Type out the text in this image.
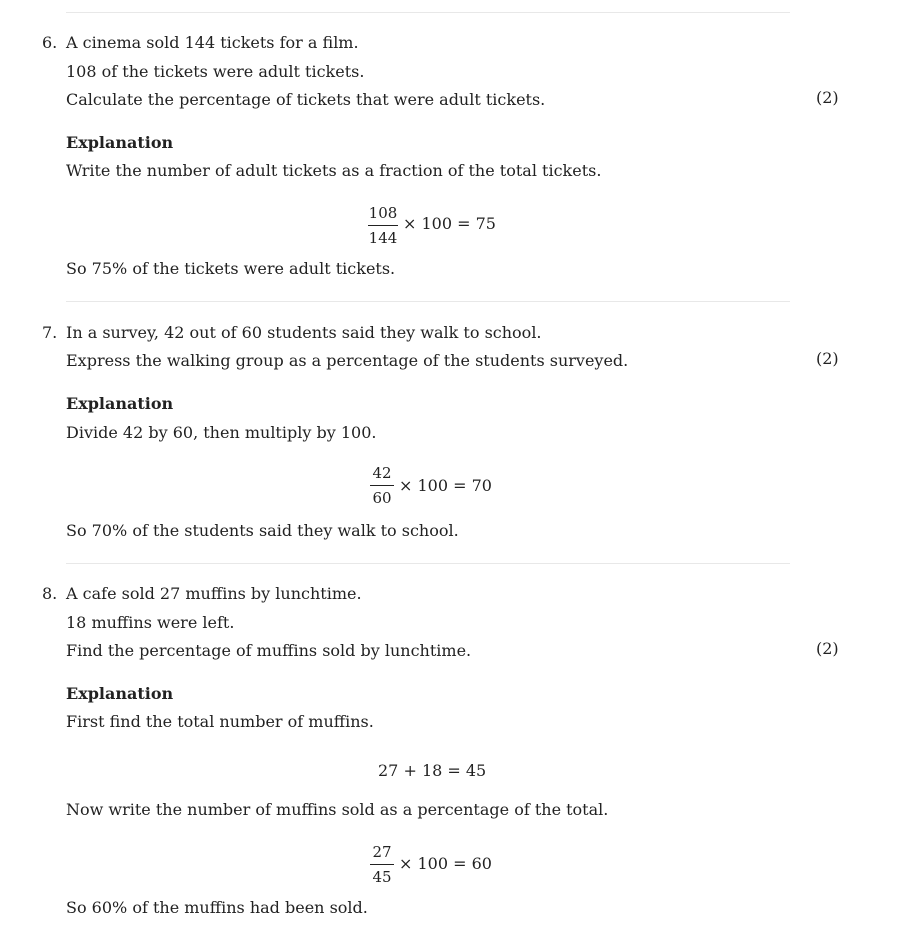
6. A cinema sold 144 tickets for a film.
108 of the tickets were adult tickets.
Calculate the percentage of tickets that were adult tickets.	(2)
Explanation
Write the number of adult tickets as a fraction of the total tickets.
108
144
× 100 = 75
So 75% of the tickets were adult tickets.
7. In a survey, 42 out of 60 students said they walk to school.
Express the walking group as a percentage of the students surveyed.	(2)
Explanation
Divide 42 by 60, then multiply by 100.
42
60
× 100 = 70
So 70% of the students said they walk to school.
8. A cafe sold 27 muffins by lunchtime.
18 muffins were left.
Find the percentage of muffins sold by lunchtime.	(2)
Explanation
First find the total number of muffins.
27 + 18 = 45
Now write the number of muffins sold as a percentage of the total.
27
45
× 100 = 60
So 60% of the muffins had been sold.
